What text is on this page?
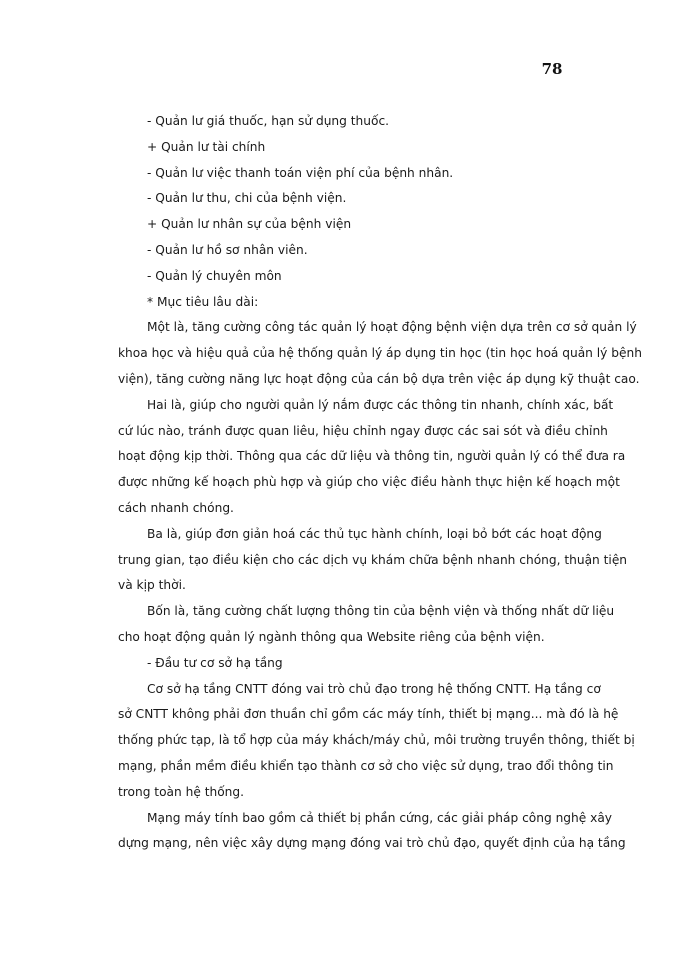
78
- Quản lư giá thuốc, hạn sử dụng thuốc.
+ Quản lư tài chính
- Quản lư việc thanh toán viện phí của bệnh nhân.
- Quản lư thu, chi của bệnh viện.
+ Quản lư nhân sự của bệnh viện
- Quản lư hồ sơ nhân viên.
- Quản lý chuyên môn
* Mục tiêu lâu dài:
Một là, tăng cường công tác quản lý hoạt động bệnh viện dựa trên cơ sở quản lý
khoa học và hiệu quả của hệ thống quản lý áp dụng tin học (tin học hoá quản lý bệnh
viện), tăng cường năng lực hoạt động của cán bộ dựa trên việc áp dụng kỹ thuật cao.
Hai là, giúp cho người quản lý nắm được các thông tin nhanh, chính xác, bất
cứ lúc nào, tránh được quan liêu, hiệu chỉnh ngay được các sai sót và điều chỉnh
hoạt động kịp thời. Thông qua các dữ liệu và thông tin, người quản lý có thể đưa ra
được những kế hoạch phù hợp và giúp cho việc điều hành thực hiện kế hoạch một
cách nhanh chóng.
Ba là, giúp đơn giản hoá các thủ tục hành chính, loại bỏ bớt các hoạt động
trung gian, tạo điều kiện cho các dịch vụ khám chữa bệnh nhanh chóng, thuận tiện
và kịp thời.
Bốn là, tăng cường chất lượng thông tin của bệnh viện và thống nhất dữ liệu
cho hoạt động quản lý ngành thông qua Website riêng của bệnh viện.
- Đầu tư cơ sở hạ tầng
Cơ sở hạ tầng CNTT đóng vai trò chủ đạo trong hệ thống CNTT. Hạ tầng cơ
sở CNTT không phải đơn thuần chỉ gồm các máy tính, thiết bị mạng... mà đó là hệ
thống phức tạp, là tổ hợp của máy khách/máy chủ, môi trường truyền thông, thiết bị
mạng, phần mềm điều khiển tạo thành cơ sở cho việc sử dụng, trao đổi thông tin
trong toàn hệ thống.
Mạng máy tính bao gồm cả thiết bị phần cứng, các giải pháp công nghệ xây
dựng mạng, nên việc xây dựng mạng đóng vai trò chủ đạo, quyết định của hạ tầng
